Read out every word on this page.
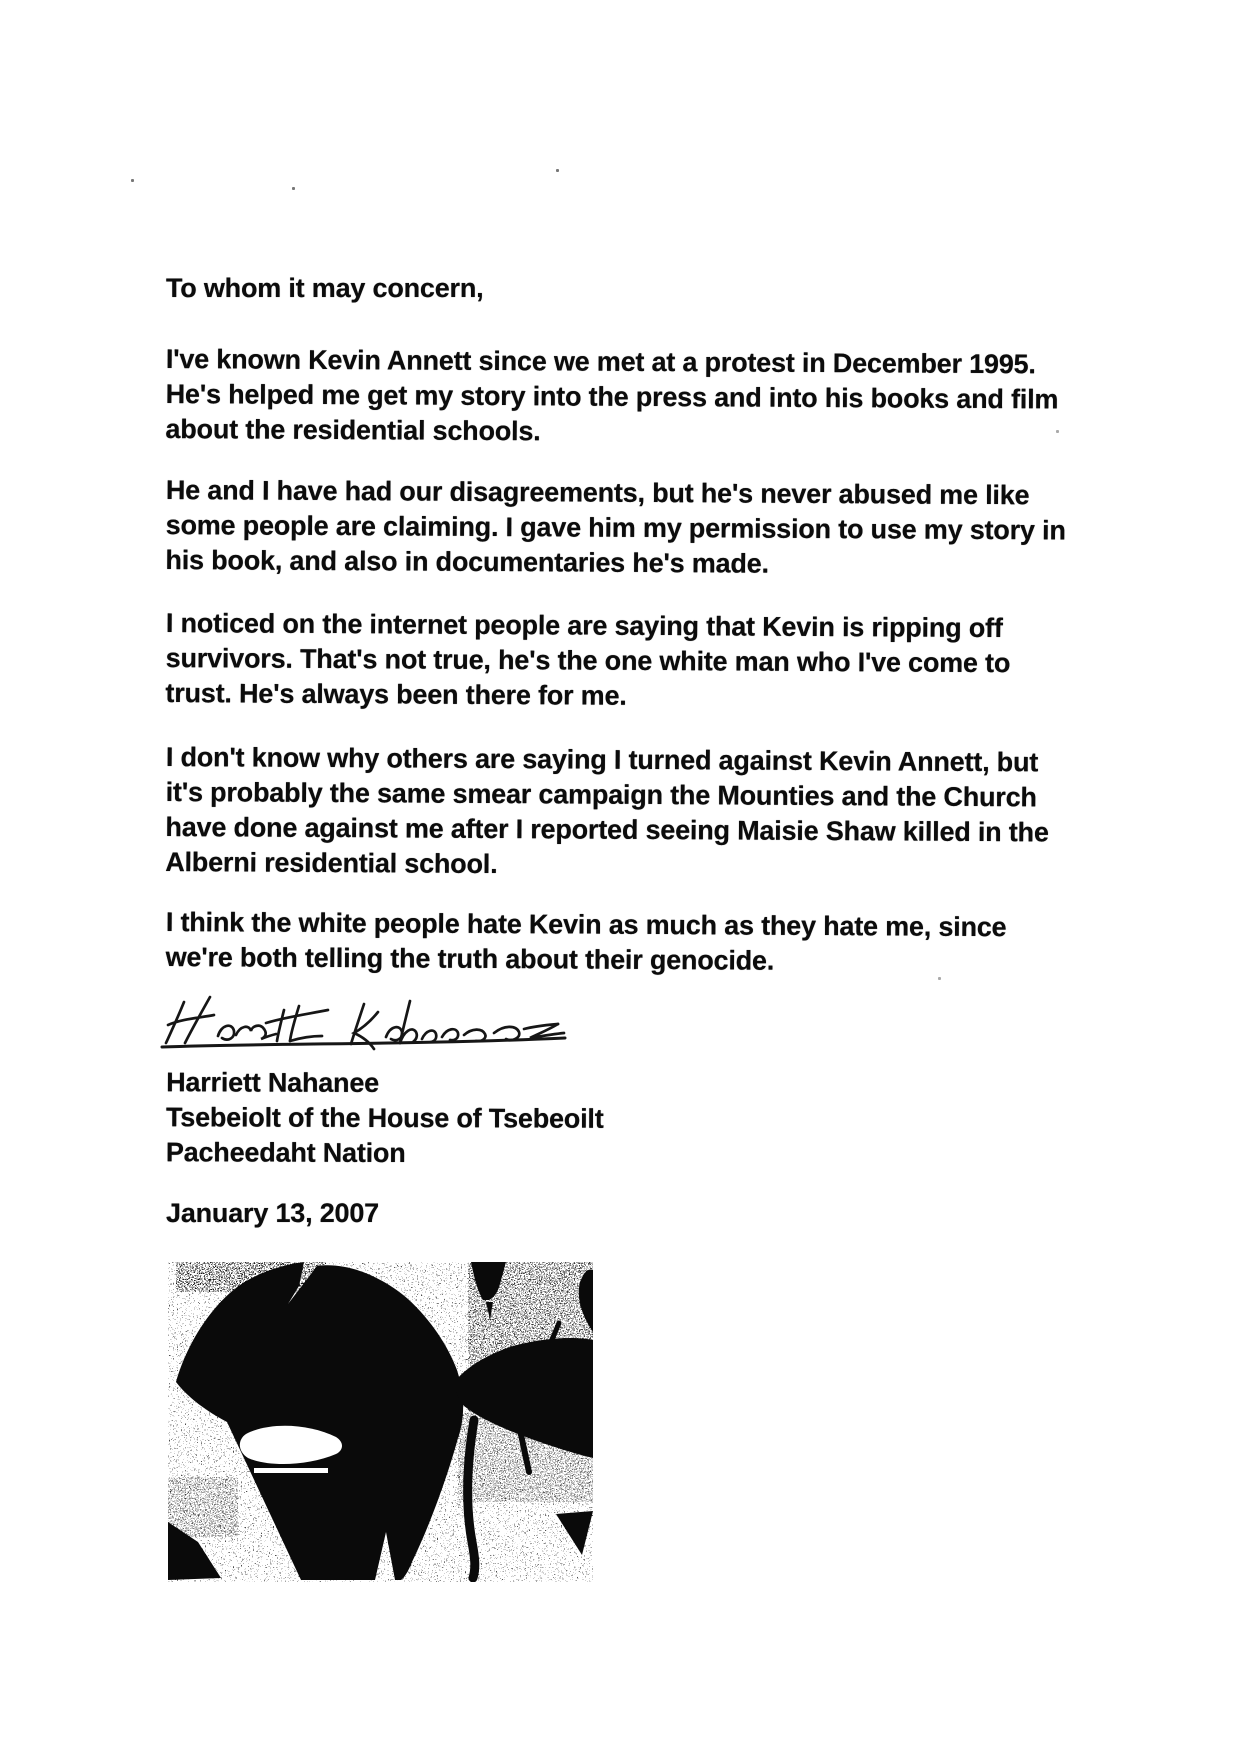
To whom it may concern,
I've known Kevin Annett since we met at a protest in December 1995.
He's helped me get my story into the press and into his books and film
about the residential schools.
He and I have had our disagreements, but he's never abused me like
some people are claiming. I gave him my permission to use my story in
his book, and also in documentaries he's made.
I noticed on the internet people are saying that Kevin is ripping off
survivors. That's not true, he's the one white man who I've come to
trust. He's always been there for me.
I don't know why others are saying I turned against Kevin Annett, but
it's probably the same smear campaign the Mounties and the Church
have done against me after I reported seeing Maisie Shaw killed in the
Alberni residential school.
I think the white people hate Kevin as much as they hate me, since
we're both telling the truth about their genocide.
Harriett Nahanee
Tsebeiolt of the House of Tsebeoilt
Pacheedaht Nation
January 13, 2007
